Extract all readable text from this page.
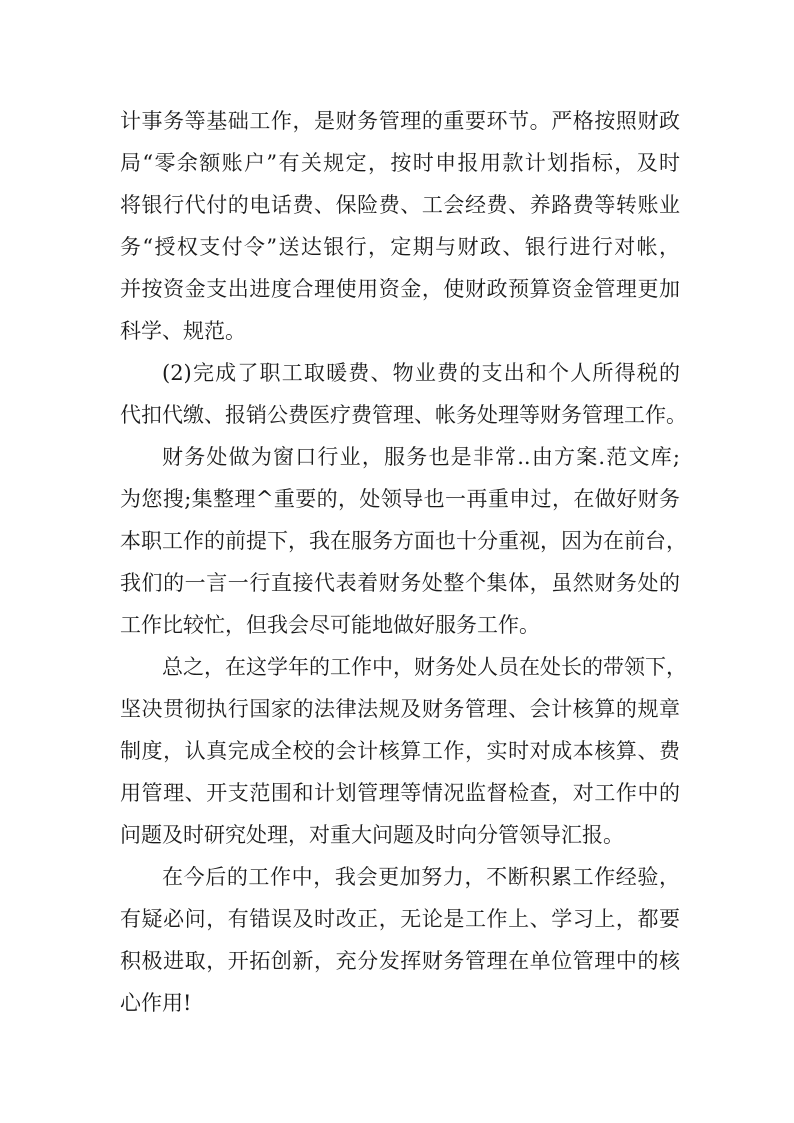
计事务等基础工作，是财务管理的重要环节。严格按照财政
局“零余额账户”有关规定，按时申报用款计划指标，及时
将银行代付的电话费、保险费、工会经费、养路费等转账业
务“授权支付令”送达银行，定期与财政、银行进行对帐，
并按资金支出进度合理使用资金，使财政预算资金管理更加
科学、规范。
(2)完成了职工取暖费、物业费的支出和个人所得税的
代扣代缴、报销公费医疗费管理、帐务处理等财务管理工作。
财务处做为窗口行业，服务也是非常..由方案.范文库;
为您搜;集整理^重要的，处领导也一再重申过，在做好财务
本职工作的前提下，我在服务方面也十分重视，因为在前台，
我们的一言一行直接代表着财务处整个集体，虽然财务处的
工作比较忙，但我会尽可能地做好服务工作。
总之，在这学年的工作中，财务处人员在处长的带领下，
坚决贯彻执行国家的法律法规及财务管理、会计核算的规章
制度，认真完成全校的会计核算工作，实时对成本核算、费
用管理、开支范围和计划管理等情况监督检查，对工作中的
问题及时研究处理，对重大问题及时向分管领导汇报。
在今后的工作中，我会更加努力，不断积累工作经验，
有疑必问，有错误及时改正，无论是工作上、学习上，都要
积极进取，开拓创新，充分发挥财务管理在单位管理中的核
心作用!
